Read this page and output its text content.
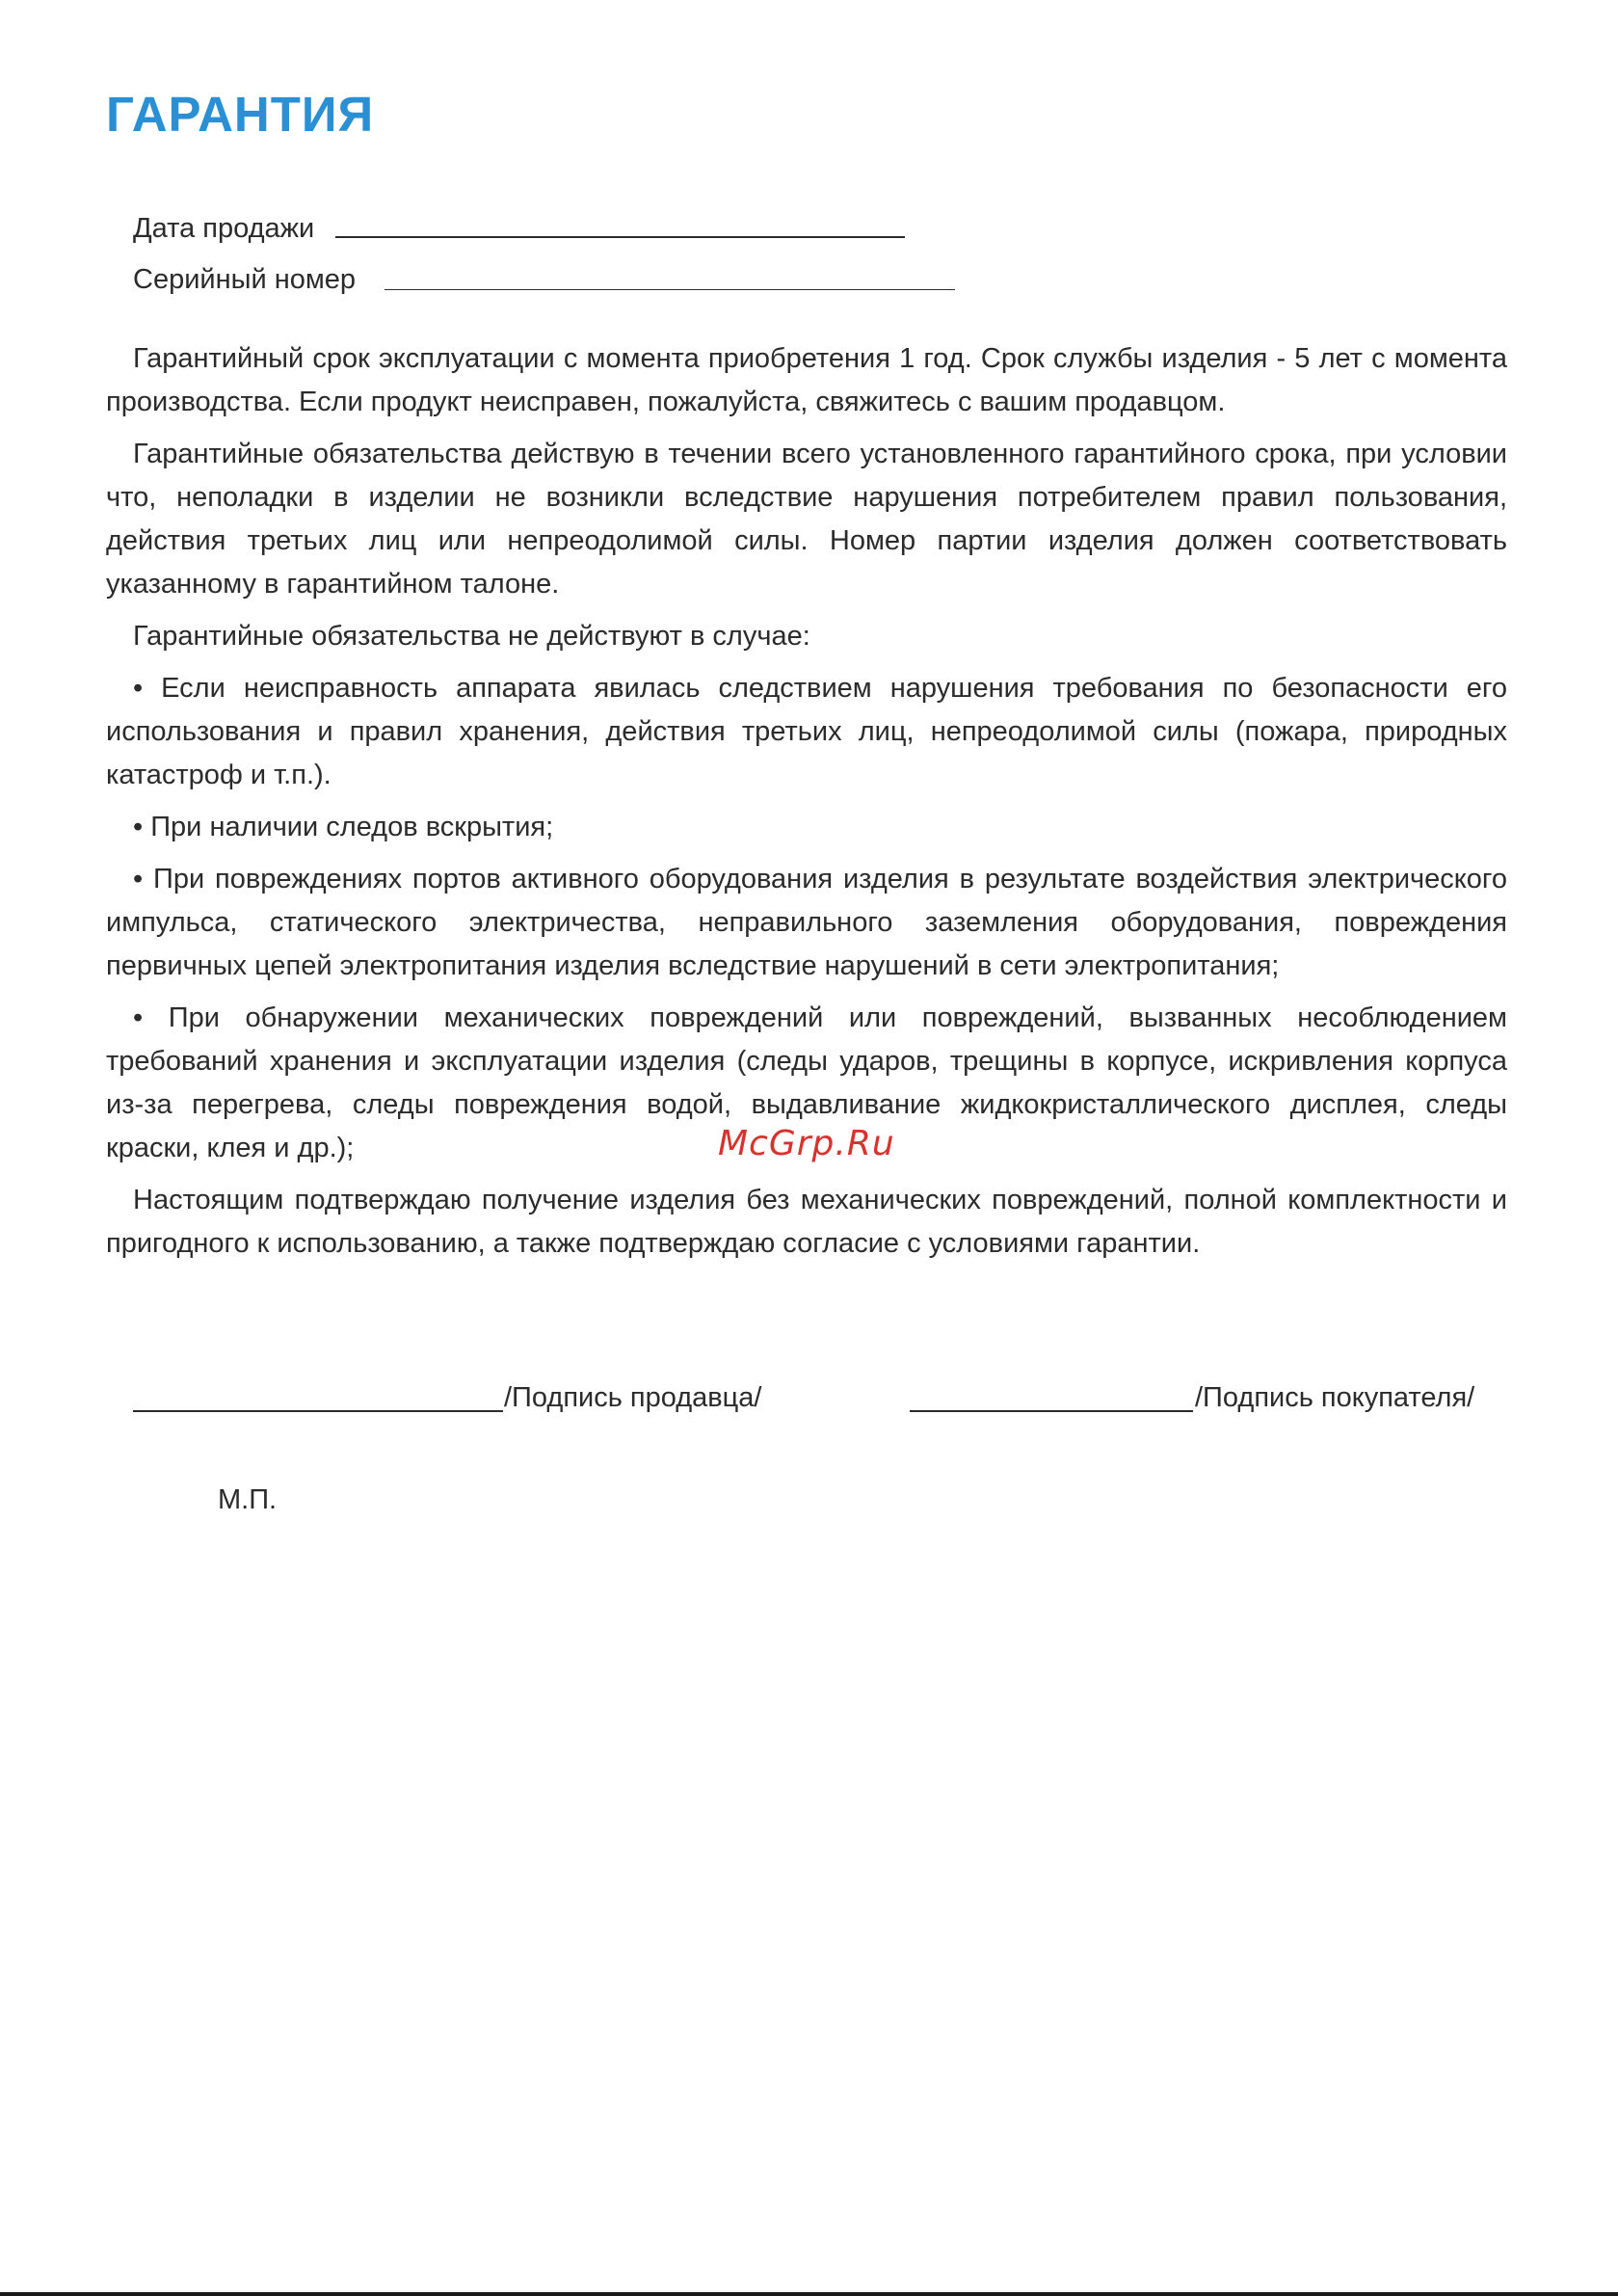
ГАРАНТИЯ
Дата продажи
Серийный номер

Гарантийный срок эксплуатации с момента приобретения 1 год. Срок службы изделия - 5 лет с момента производства. Если продукт неисправен, пожалуйста, свяжитесь с вашим продавцом.

Гарантийные обязательства действую в течении всего установленного гарантийного срока, при условии что, неполадки в изделии не возникли вследствие нарушения потребителем правил пользования, действия третьих лиц или непреодолимой силы. Номер партии изделия должен соответствовать указанному в гарантийном талоне.

Гарантийные обязательства не действуют в случае:

• Если неисправность аппарата явилась следствием нарушения требования по безопасности его использования и правил хранения, действия третьих лиц, непреодолимой силы (пожара, природных катастроф и т.п.).

• При наличии следов вскрытия;

• При повреждениях портов активного оборудования изделия в результате воздействия электрического импульса, статического электричества, неправильного заземления оборудования, повреждения первичных цепей электропитания изделия вследствие нарушений в сети электропитания;

• При обнаружении механических повреждений или повреждений, вызванных несоблюдением требований хранения и эксплуатации изделия (следы ударов, трещины в корпусе, искривления корпуса из-за перегрева, следы повреждения водой, выдавливание жидкокристаллического дисплея, следы краски, клея и др.);

Настоящим подтверждаю получение изделия без механических повреждений, полной комплектности и пригодного к использованию, а также подтверждаю согласие с условиями гарантии.

McGrp.Ru
/Подпись продавца/	/Подпись покупателя/
М.П.
